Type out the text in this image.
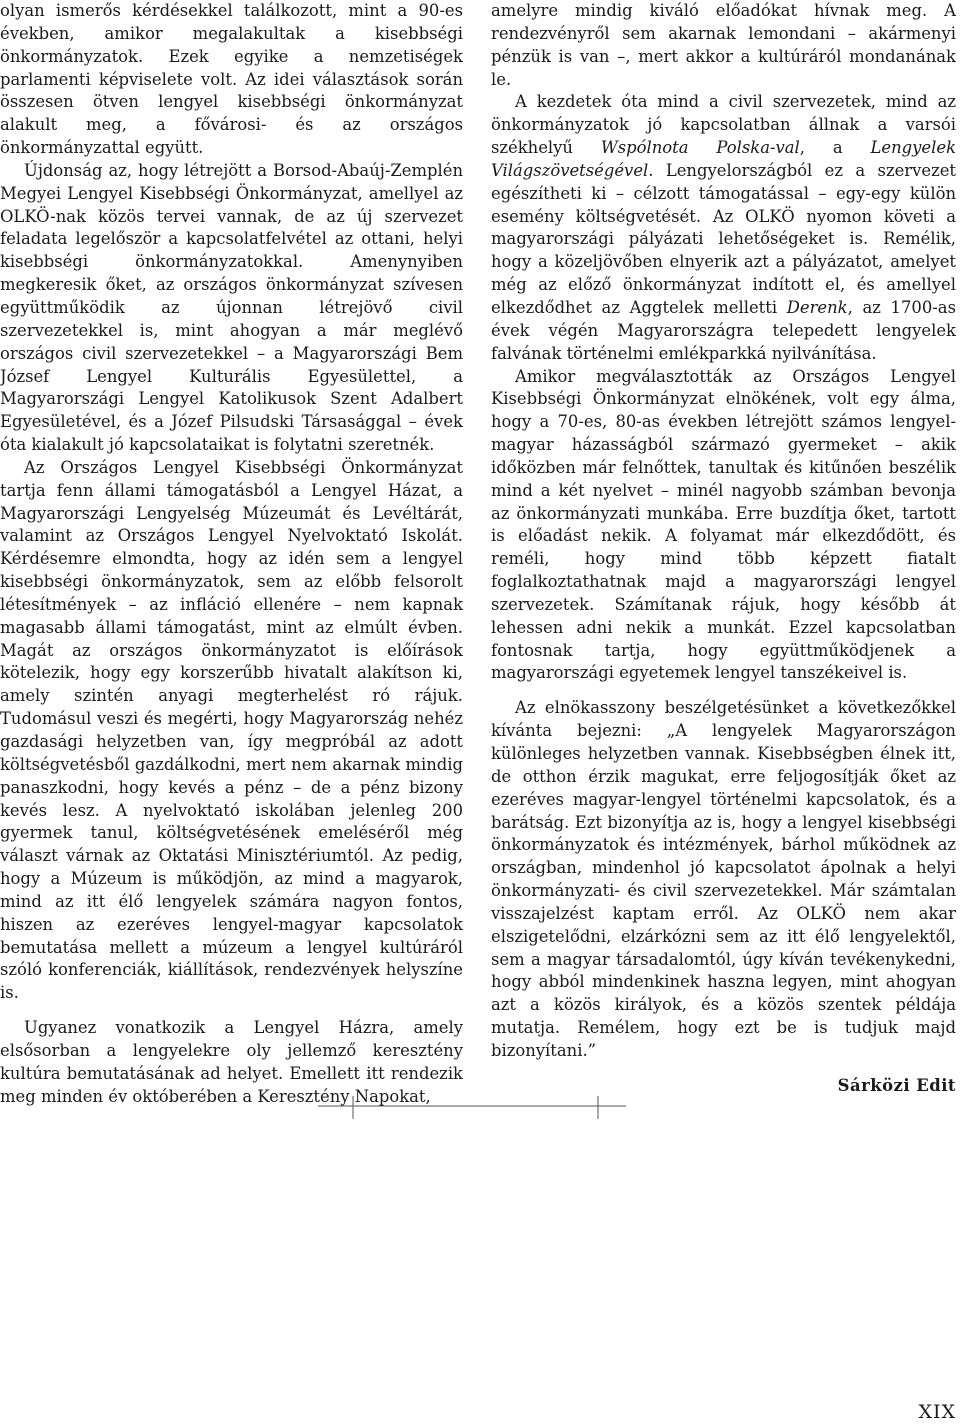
olyan ismerős kérdésekkel találkozott, mint a 90-es években, amikor megalakultak a kisebbségi önkormányzatok. Ezek egyike a nemzetiségek parlamenti képviselete volt. Az idei választások során összesen ötven lengyel kisebbségi önkormányzat alakult meg, a fővárosi- és az országos önkormányzattal együtt.

Újdonság az, hogy létrejött a Borsod-Abaúj-Zemplén Megyei Lengyel Kisebbségi Önkormányzat, amellyel az OLKÖ-nak közös tervei vannak, de az új szervezet feladata legelőször a kapcsolatfelvétel az ottani, helyi kisebbségi önkormányzatokkal. Amenynyiben megkeresik őket, az országos önkormányzat szívesen együttműködik az újonnan létrejövő civil szervezetekkel is, mint ahogyan a már meglévő országos civil szervezetekkel – a Magyarországi Bem József Lengyel Kulturális Egyesülettel, a Magyarországi Lengyel Katolikusok Szent Adalbert Egyesületével, és a Józef Pilsudski Társasággal – évek óta kialakult jó kapcsolataikat is folytatni szeretnék.

Az Országos Lengyel Kisebbségi Önkormányzat tartja fenn állami támogatásból a Lengyel Házat, a Magyarországi Lengyelség Múzeumát és Levéltárát, valamint az Országos Lengyel Nyelvoktató Iskolát. Kérdésemre elmondta, hogy az idén sem a lengyel kisebbségi önkormányzatok, sem az előbb felsorolt létesítmények – az infláció ellenére – nem kapnak magasabb állami támogatást, mint az elmúlt évben. Magát az országos önkormányzatot is előírások kötelezik, hogy egy korszerűbb hivatalt alakítson ki, amely szintén anyagi megterhelést ró rájuk. Tudomásul veszi és megérti, hogy Magyarország nehéz gazdasági helyzetben van, így megpróbál az adott költségvetésből gazdálkodni, mert nem akarnak mindig panaszkodni, hogy kevés a pénz – de a pénz bizony kevés lesz. A nyelvoktató iskolában jelenleg 200 gyermek tanul, költségvetésének emeléséről még választ várnak az Oktatási Minisztériumtól. Az pedig, hogy a Múzeum is működjön, az mind a magyarok, mind az itt élő lengyelek számára nagyon fontos, hiszen az ezeréves lengyel-magyar kapcsolatok bemutatása mellett a múzeum a lengyel kultúráról szóló konferenciák, kiállítások, rendezvények helyszíne is.

Ugyanez vonatkozik a Lengyel Házra, amely elsősorban a lengyelekre oly jellemző keresztény kultúra bemutatásának ad helyet. Emellett itt rendezik meg minden év októberében a Keresztény Napokat,

amelyre mindig kiváló előadókat hívnak meg. A rendezvényről sem akarnak lemondani – akármenyi pénzük is van –, mert akkor a kultúráról mondanának le.

A kezdetek óta mind a civil szervezetek, mind az önkormányzatok jó kapcsolatban állnak a varsói székhelyű Wspólnota Polska-val, a Lengyelek Világszövetségével. Lengyelországból ez a szervezet egészítheti ki – célzott támogatással – egy-egy külön esemény költségvetését. Az OLKÖ nyomon követi a magyarországi pályázati lehetőségeket is. Remélik, hogy a közeljövőben elnyerik azt a pályázatot, amelyet még az előző önkormányzat indított el, és amellyel elkezdődhet az Aggtelek melletti Derenk, az 1700-as évek végén Magyarországra telepedett lengyelek falvának történelmi emlékparkká nyilvánítása.

Amikor megválasztották az Országos Lengyel Kisebbségi Önkormányzat elnökének, volt egy álma, hogy a 70-es, 80-as években létrejött számos lengyel-magyar házasságból származó gyermeket – akik időközben már felnőttek, tanultak és kitűnően beszélik mind a két nyelvet – minél nagyobb számban bevonja az önkormányzati munkába. Erre buzdítja őket, tartott is előadást nekik. A folyamat már elkezdődött, és reméli, hogy mind több képzett fiatalt foglalkoztathatnak majd a magyarországi lengyel szervezetek. Számítanak rájuk, hogy később át lehessen adni nekik a munkát. Ezzel kapcsolatban fontosnak tartja, hogy együttműködjenek a magyarországi egyetemek lengyel tanszékeivel is.

Az elnökasszony beszélgetésünket a következőkkel kívánta bejezni: „A lengyelek Magyarországon különleges helyzetben vannak. Kisebbségben élnek itt, de otthon érzik magukat, erre feljogosítják őket az ezeréves magyar-lengyel történelmi kapcsolatok, és a barátság. Ezt bizonyítja az is, hogy a lengyel kisebbségi önkormányzatok és intézmények, bárhol működnek az országban, mindenhol jó kapcsolatot ápolnak a helyi önkormányzati- és civil szervezetekkel. Már számtalan visszajelzést kaptam erről. Az OLKÖ nem akar elszigetelődni, elzárkózni sem az itt élő lengyelektől, sem a magyar társadalomtól, úgy kíván tevékenykedni, hogy abból mindenkinek hasznа legyen, mint ahogyan azt a közös királyok, és a közös szentek példája mutatja. Remélem, hogy ezt be is tudjuk majd bizonyítani.”

Sárközi Edit
XIX
